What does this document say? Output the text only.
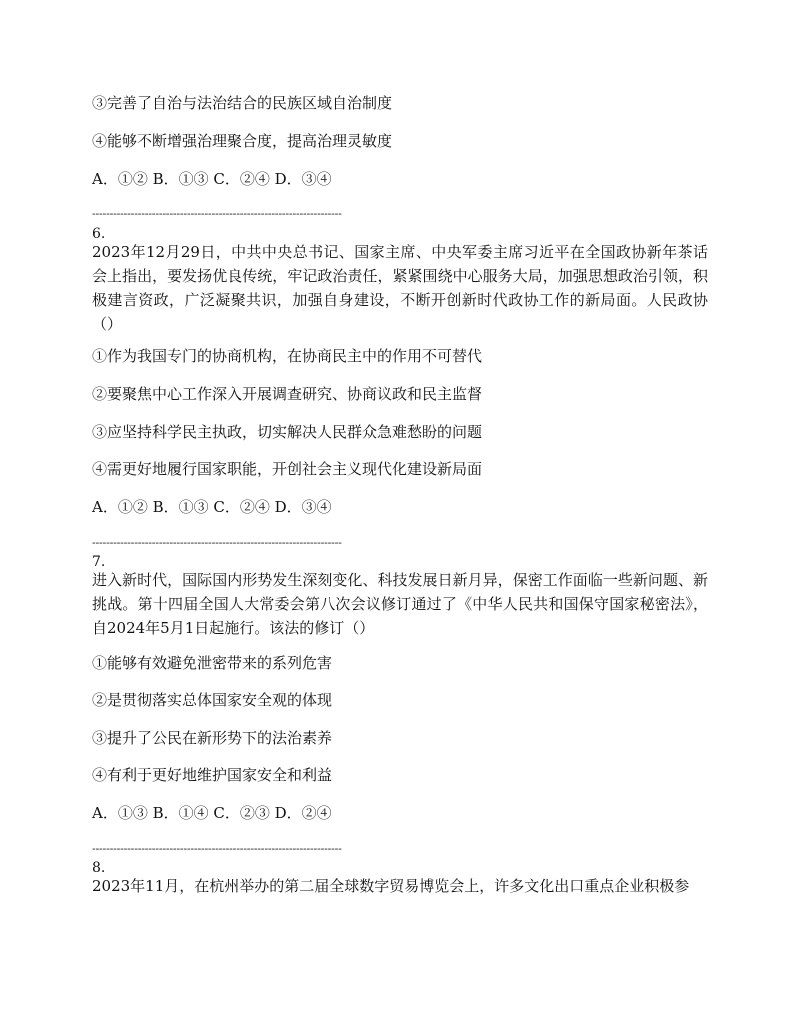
③完善了自治与法治结合的民族区域自治制度
④能够不断增强治理聚合度，提高治理灵敏度
A．①② B．①③ C．②④ D．③④
-----------------------------------------------------------------------
6.
2023年12月29日，中共中央总书记、国家主席、中央军委主席习近平在全国政协新年茶话会上指出，要发扬优良传统，牢记政治责任，紧紧围绕中心服务大局，加强思想政治引领，积极建言资政，广泛凝聚共识，加强自身建设，不断开创新时代政协工作的新局面。人民政协（）
①作为我国专门的协商机构，在协商民主中的作用不可替代
②要聚焦中心工作深入开展调查研究、协商议政和民主监督
③应坚持科学民主执政，切实解决人民群众急难愁盼的问题
④需更好地履行国家职能，开创社会主义现代化建设新局面
A．①② B．①③ C．②④ D．③④
-----------------------------------------------------------------------
7.
进入新时代，国际国内形势发生深刻变化、科技发展日新月异，保密工作面临一些新问题、新挑战。第十四届全国人大常委会第八次会议修订通过了《中华人民共和国保守国家秘密法》，自2024年5月1日起施行。该法的修订（）
①能够有效避免泄密带来的系列危害
②是贯彻落实总体国家安全观的体现
③提升了公民在新形势下的法治素养
④有利于更好地维护国家安全和利益
A．①③ B．①④ C．②③ D．②④
-----------------------------------------------------------------------
8.
2023年11月，在杭州举办的第二届全球数字贸易博览会上，许多文化出口重点企业积极参
